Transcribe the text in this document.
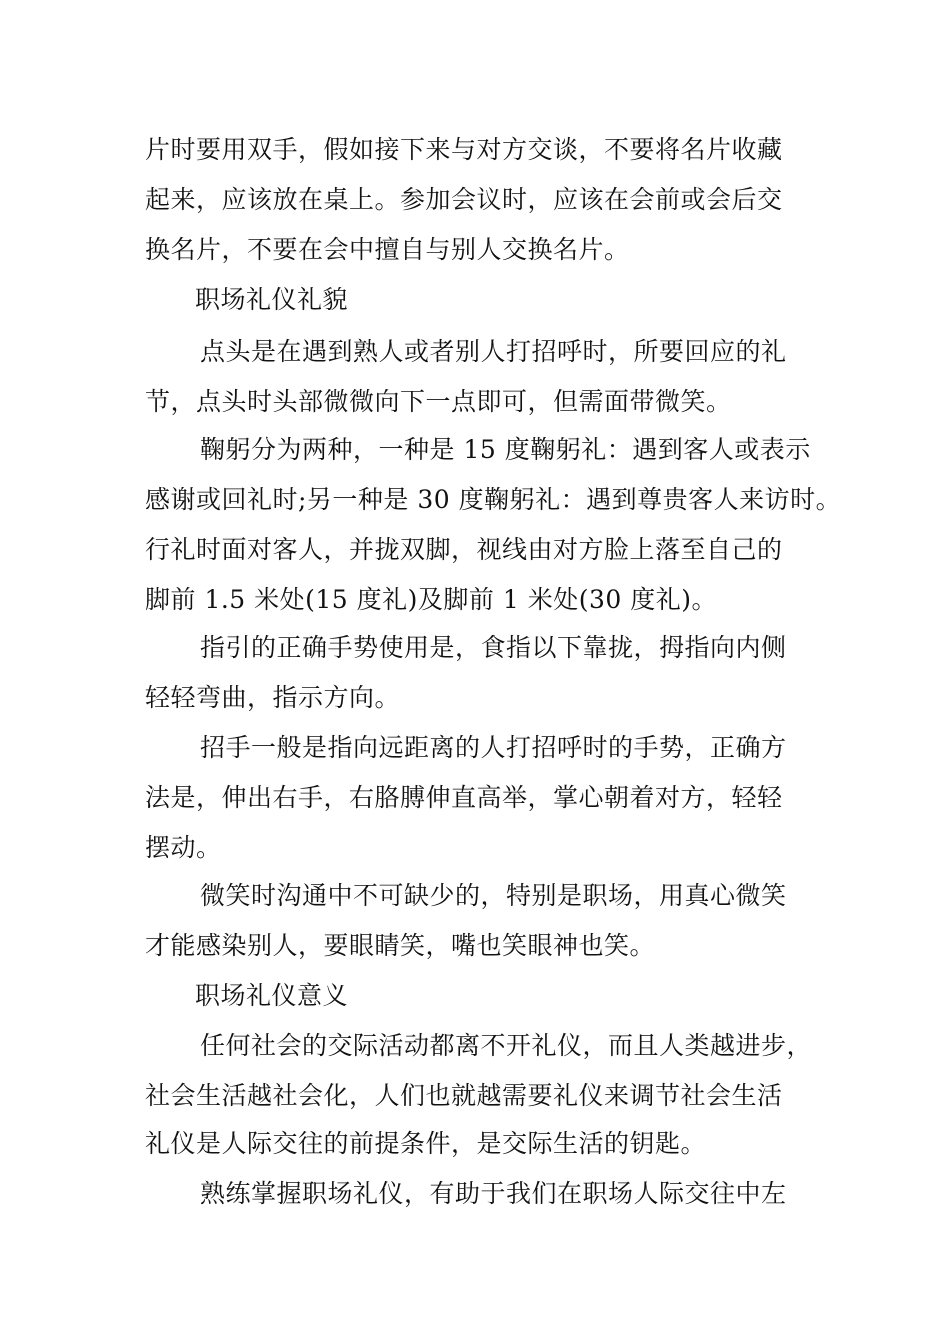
片时要用双手，假如接下来与对方交谈，不要将名片收藏
起来，应该放在桌上。参加会议时，应该在会前或会后交
换名片，不要在会中擅自与别人交换名片。
职场礼仪礼貌
点头是在遇到熟人或者别人打招呼时，所要回应的礼
节，点头时头部微微向下一点即可，但需面带微笑。
鞠躬分为两种，一种是 15 度鞠躬礼：遇到客人或表示
感谢或回礼时;另一种是 30 度鞠躬礼：遇到尊贵客人来访时。
行礼时面对客人，并拢双脚，视线由对方脸上落至自己的
脚前 1.5 米处(15 度礼)及脚前 1 米处(30 度礼)。
指引的正确手势使用是，食指以下靠拢，拇指向内侧
轻轻弯曲，指示方向。
招手一般是指向远距离的人打招呼时的手势，正确方
法是，伸出右手，右胳膊伸直高举，掌心朝着对方，轻轻
摆动。
微笑时沟通中不可缺少的，特别是职场，用真心微笑
才能感染别人，要眼睛笑，嘴也笑眼神也笑。
职场礼仪意义
任何社会的交际活动都离不开礼仪，而且人类越进步，
社会生活越社会化，人们也就越需要礼仪来调节社会生活
礼仪是人际交往的前提条件，是交际生活的钥匙。
熟练掌握职场礼仪，有助于我们在职场人际交往中左
